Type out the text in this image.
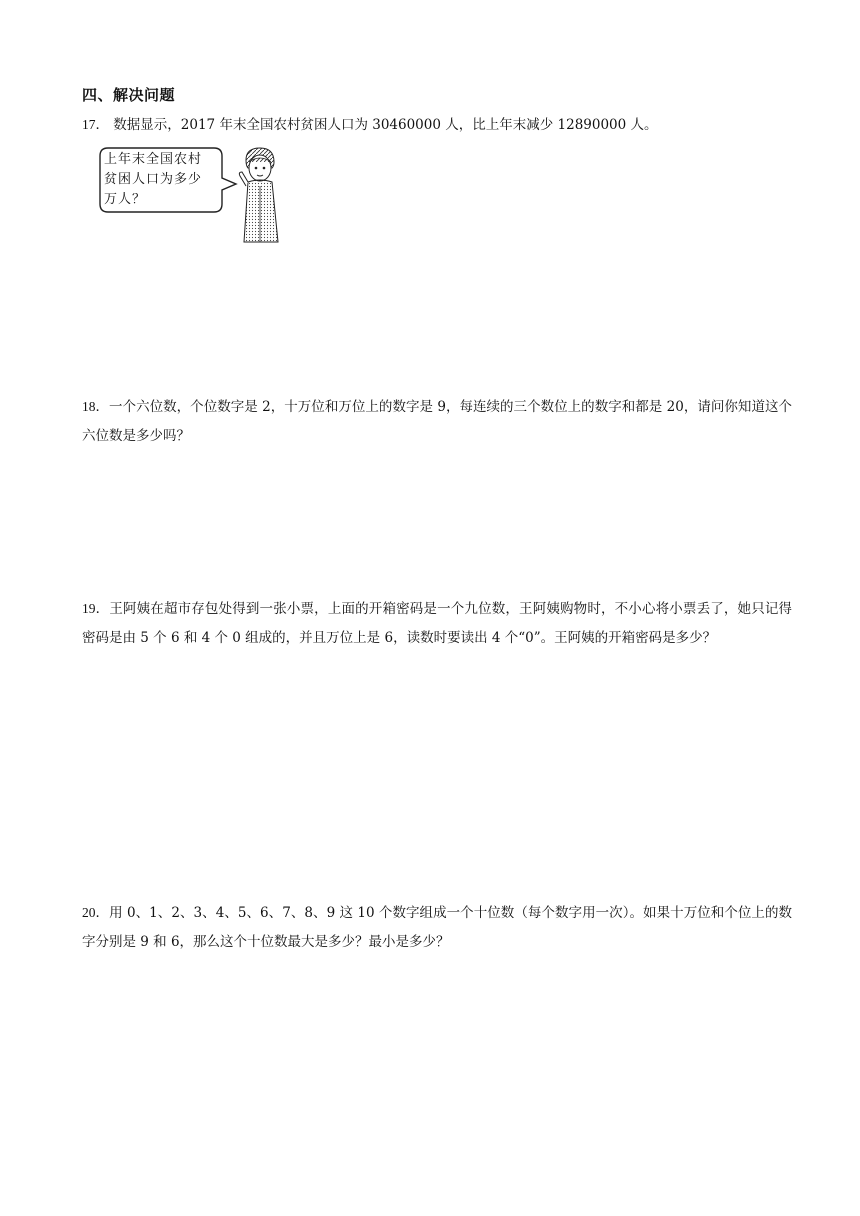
四、解决问题
17． 数据显示，2017 年末全国农村贫困人口为 30460000 人，比上年末减少 12890000 人。
上年末全国农村
贫困人口为多少
万人？
18．一个六位数，个位数字是 2，十万位和万位上的数字是 9，每连续的三个数位上的数字和都是 20，请问你知道这个六位数是多少吗？
19．王阿姨在超市存包处得到一张小票，上面的开箱密码是一个九位数，王阿姨购物时，不小心将小票丢了，她只记得密码是由 5 个 6 和 4 个 0 组成的，并且万位上是 6，读数时要读出 4 个“0”。王阿姨的开箱密码是多少？
20．用 0、1、2、3、4、5、6、7、8、9 这 10 个数字组成一个十位数（每个数字用一次）。如果十万位和个位上的数字分别是 9 和 6，那么这个十位数最大是多少？最小是多少？
